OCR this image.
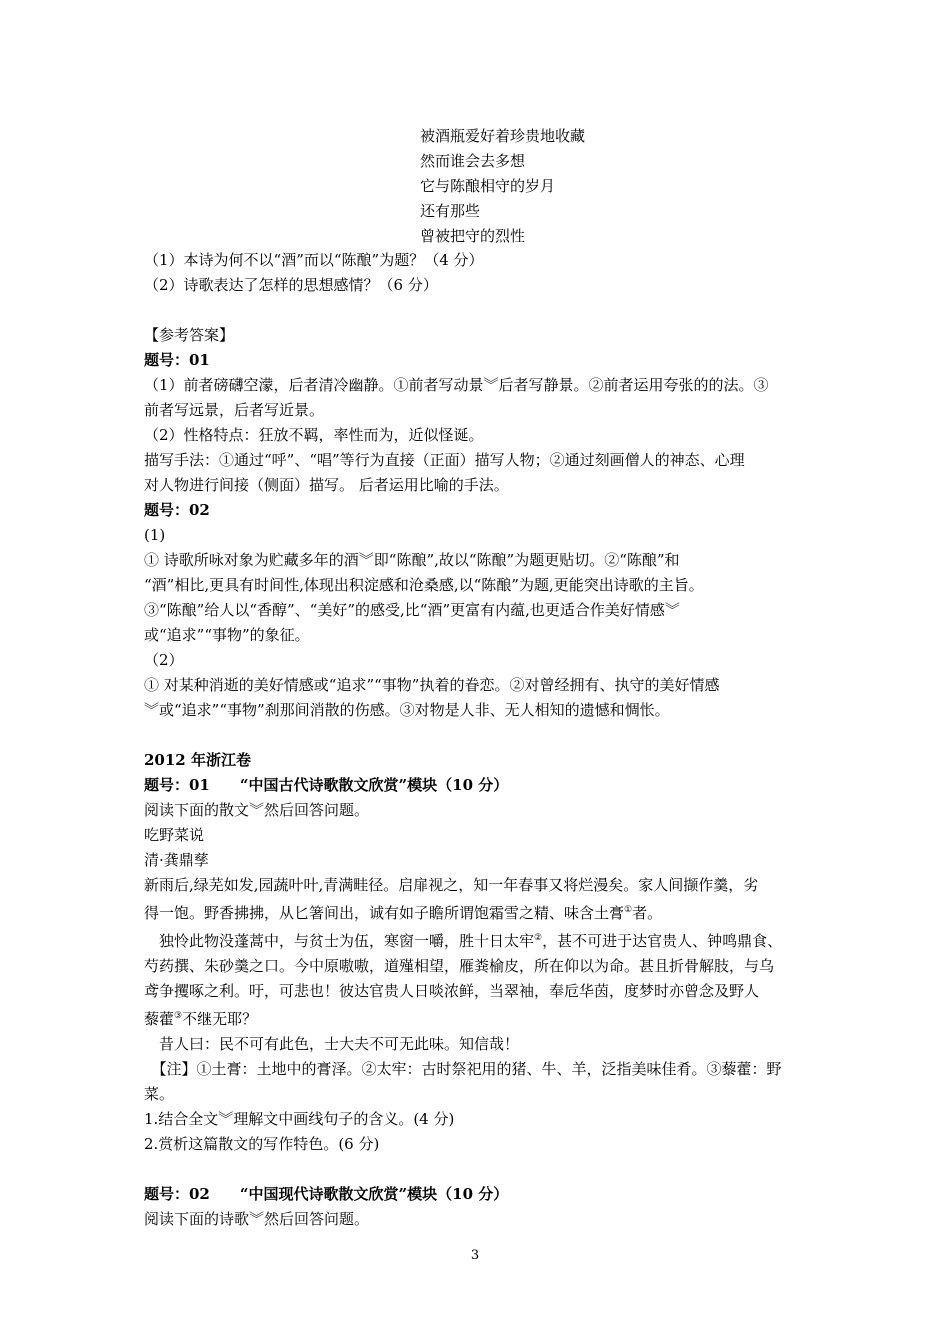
被酒瓶爱好着珍贵地收藏
然而谁会去多想
它与陈酿相守的岁月
还有那些
曾被把守的烈性
（1）本诗为何不以“酒”而以“陈酿”为题？（4 分）
（2）诗歌表达了怎样的思想感情？（6 分）
【参考答案】
题号：01
（1）前者磅礴空濛，后者清冷幽静。①前者写动景︾后者写静景。②前者运用夸张的的法。③
前者写远景，后者写近景。
（2）性格特点：狂放不羁，率性而为，近似怪诞。
描写手法：①通过“呼”、“唱”等行为直接（正面）描写人物；②通过刻画僧人的神态、心理
对人物进行间接（侧面）描写。 后者运用比喻的手法。
题号：02
(1)
① 诗歌所咏对象为贮藏多年的酒︾即“陈酿”,故以“陈酿”为题更贴切。②“陈酿”和
“酒”相比,更具有时间性,体现出积淀感和沧桑感,以“陈酿”为题,更能突出诗歌的主旨。
③“陈酿”给人以“香醇”、“美好”的感受,比“酒”更富有内蕴,也更适合作美好情感︾
或“追求”“事物”的象征。
（2）
① 对某种消逝的美好情感或“追求”“事物”执着的眷恋。②对曾经拥有、执守的美好情感
︾或“追求”“事物”刹那间消散的伤感。③对物是人非、无人相知的遗憾和惆怅。
2012 年浙江卷
题号：01　　“中国古代诗歌散文欣赏”模块（10 分）
阅读下面的散文︾然后回答问题。
吃野菜说
清·龚鼎孳
新雨后,绿芜如发,园蔬叶叶,青满畦径。启扉视之，知一年春事又将烂漫矣。家人间撷作羹，劣
得一饱。野香拂拂，从匕箸间出，诚有如子瞻所谓饱霜雪之精、味含土膏①者。
　独怜此物没蓬蒿中，与贫士为伍，寒窗一嚼，胜十日太牢②，甚不可进于达官贵人、钟鸣鼎食、
芍药撰、朱砂羹之口。今中原嗷嗷，道殣相望，雁粪榆皮，所在仰以为命。甚且折骨解肢，与乌
鸢争攫啄之利。吁，可悲也！彼达官贵人日啖浓鲜，当翠袖，奉卮华茵，度梦时亦曾念及野人
藜藿③不继无耶？
　昔人曰：民不可有此色，士大夫不可无此味。知信哉！
　【注】①土膏：土地中的膏泽。②太牢：古时祭祀用的猪、牛、羊，泛指美味佳肴。③藜藿：野
菜。
1.结合全文︾理解文中画线句子的含义。(4 分)
2.赏析这篇散文的写作特色。(6 分)
题号：02　　“中国现代诗歌散文欣赏”模块（10 分）
阅读下面的诗歌︾然后回答问题。
3
